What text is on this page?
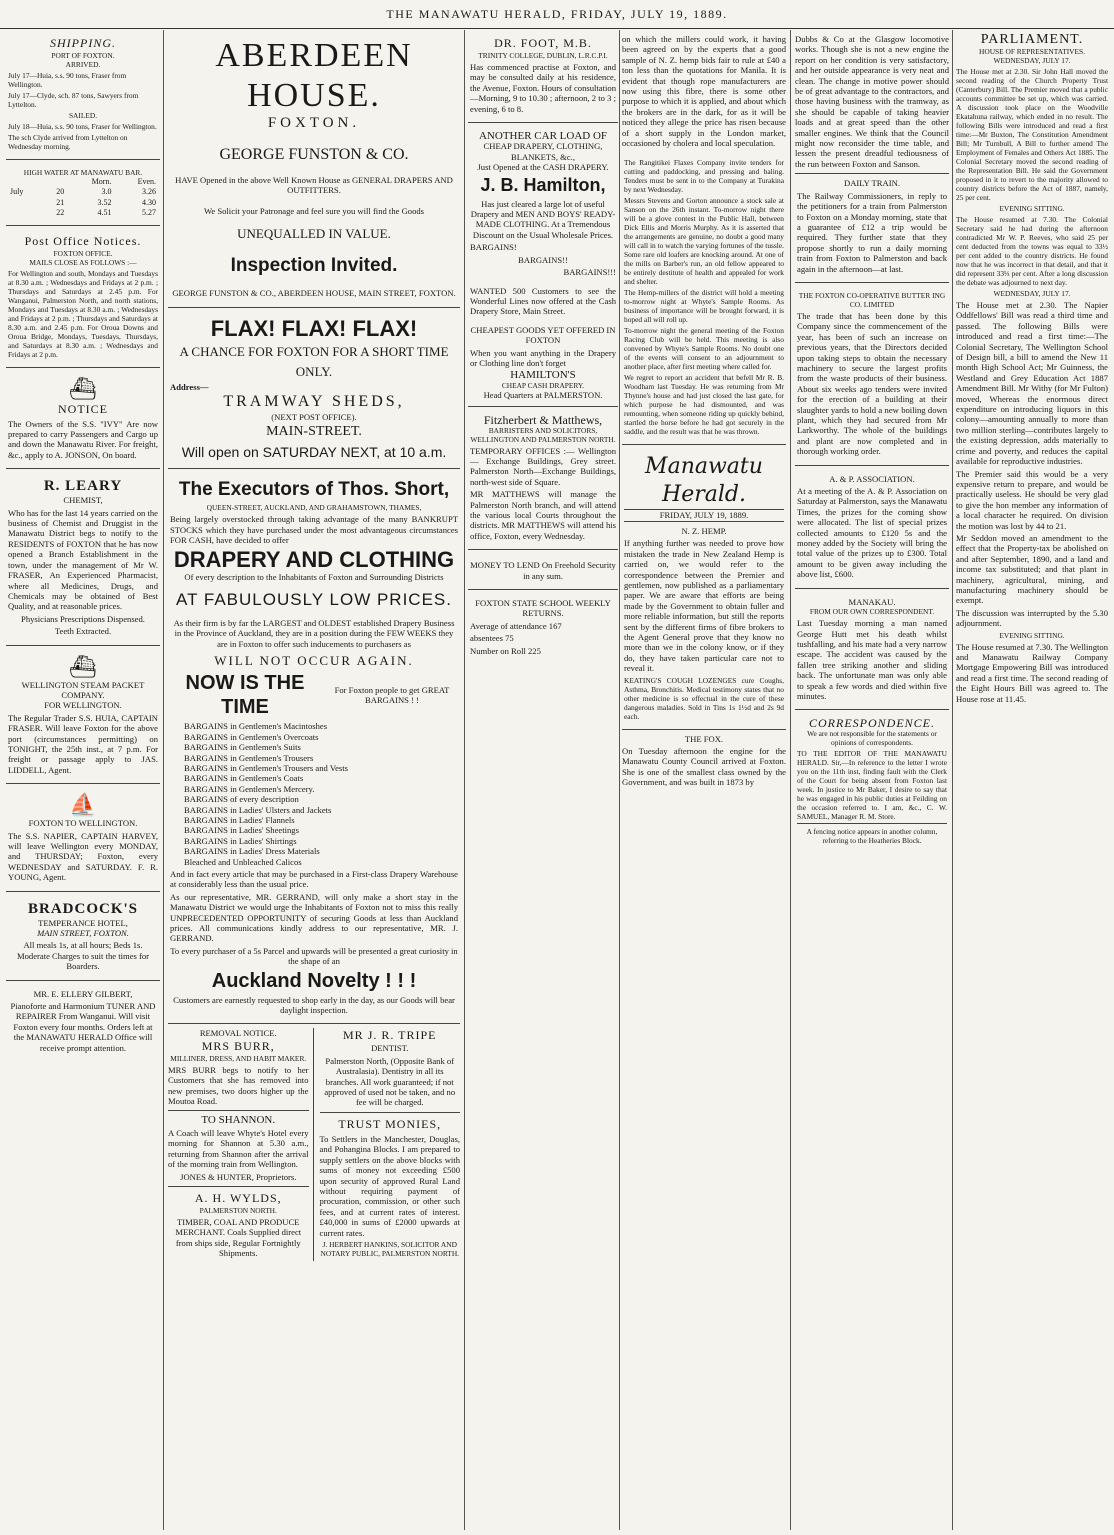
THE MANAWATU HERALD, FRIDAY, JULY 19, 1889.
SHIPPING.
PORT OF FOXTON.
ARRIVED.

July 17—Huia, s.s. 90 tons, Fraser from Wellington.

July 17—Clyde, sch. 87 tons, Sawyers from Lyttelton.

SAILED.

July 18—Huia, s.s. 90 tons, Fraser for Wellington.

The sch Clyde arrived from Lyttelton on Wednesday morning.

HIGH WATER AT MANAWATU BAR.
		Morn.	Even.
July	20	3.0	3.26
	21	3.52	4.30
	22	4.51	5.27
Post Office Notices.
FOXTON OFFICE.
MAILS CLOSE AS FOLLOWS :—

For Wellington and south, Mondays and Tuesdays at 8.30 a.m. ; Wednesdays and Fridays at 2 p.m. ; Thursdays and Saturdays at 2.45 p.m. For Wanganui, Palmerston North, and north stations, Mondays and Tuesdays at 8.30 a.m. ; Wednesdays and Fridays at 2 p.m. ; Thursdays and Saturdays at 8.30 a.m. and 2.45 p.m. For Oroua Downs and Oroua Bridge, Mondays, Tuesdays, Thursdays, and Saturdays at 8.30 a.m. ; Wednesdays and Fridays at 2 p.m.

⛴
NOTICE

The Owners of the S.S. "IVY" Are now prepared to carry Passengers and Cargo up and down the Manawatu River. For freight, &c., apply to A. JONSON, On board.

R. LEARY
CHEMIST,

Who has for the last 14 years carried on the business of Chemist and Druggist in the Manawatu District begs to notify to the RESIDENTS of FOXTON that he has now opened a Branch Establishment in the town, under the management of Mr W. FRASER, An Experienced Pharmacist, where all Medicines, Drugs, and Chemicals may be obtained of Best Quality, and at reasonable prices.

Physicians Prescriptions Dispensed.

Teeth Extracted.

⛴
WELLINGTON STEAM PACKET COMPANY.
FOR WELLINGTON.

The Regular Trader S.S. HUIA, CAPTAIN FRASER. Will leave Foxton for the above port (circumstances permitting) on TONIGHT, the 25th inst., at 7 p.m. For freight or passage apply to JAS. LIDDELL, Agent.

⛵
FOXTON TO WELLINGTON.

The S.S. NAPIER, CAPTAIN HARVEY, will leave Wellington every MONDAY, and THURSDAY; Foxton, every WEDNESDAY and SATURDAY. F. R. YOUNG, Agent.

BRADCOCK'S
TEMPERANCE HOTEL,
MAIN STREET, FOXTON.

All meals 1s, at all hours; Beds 1s. Moderate Charges to suit the times for Boarders.

MR. E. ELLERY GILBERT,

Pianoforte and Harmonium TUNER AND REPAIRER From Wanganui. Will visit Foxton every four months. Orders left at the MANAWATU HERALD Office will receive prompt attention.

ABERDEEN HOUSE.
FOXTON.
GEORGE FUNSTON & CO.

HAVE Opened in the above Well Known House as GENERAL DRAPERS AND OUTFITTERS.

We Solicit your Patronage and feel sure you will find the Goods

UNEQUALLED IN VALUE.
Inspection Invited.

GEORGE FUNSTON & CO., ABERDEEN HOUSE, MAIN STREET, FOXTON.

FLAX! FLAX! FLAX!
A CHANCE FOR FOXTON FOR A SHORT TIME ONLY.
Address—
TRAMWAY SHEDS,
(NEXT POST OFFICE).
MAIN-STREET.
Will open on SATURDAY NEXT, at 10 a.m.
The Executors of Thos. Short,
QUEEN-STREET, AUCKLAND, AND GRAHAMSTOWN, THAMES,

Being largely overstocked through taking advantage of the many BANKRUPT STOCKS which they have purchased under the most advantageous circumstances FOR CASH, have decided to offer

DRAPERY AND CLOTHING
Of every description to the Inhabitants of Foxton and Surrounding Districts
AT FABULOUSLY LOW PRICES.

As their firm is by far the LARGEST and OLDEST established Drapery Business in the Province of Auckland, they are in a position during the FEW WEEKS they are in Foxton to offer such inducements to purchasers as

WILL NOT OCCUR AGAIN.
NOW IS THE TIME
For Foxton people to get GREAT BARGAINS ! !
BARGAINS in Gentlemen's Macintoshes
BARGAINS in Gentlemen's Overcoats
BARGAINS in Gentlemen's Suits
BARGAINS in Gentlemen's Trousers
BARGAINS in Gentlemen's Trousers and Vests
BARGAINS in Gentlemen's Coats
BARGAINS in Gentlemen's Mercery.
BARGAINS of every description
BARGAINS in Ladies' Ulsters and Jackets
BARGAINS in Ladies' Flannels
BARGAINS in Ladies' Sheetings
BARGAINS in Ladies' Shirtings
BARGAINS in Ladies' Dress Materials
Bleached and Unbleached Calicos

And in fact every article that may be purchased in a First-class Drapery Warehouse at considerably less than the usual price.

As our representative, MR. GERRAND, will only make a short stay in the Manawatu District we would urge the Inhabitants of Foxton not to miss this really UNPRECEDENTED OPPORTUNITY of securing Goods at less than Auckland prices. All communications kindly address to our representative, MR. J. GERRAND.

To every purchaser of a 5s Parcel and upwards will be presented a great curiosity in the shape of an

Auckland Novelty ! ! !

Customers are earnestly requested to shop early in the day, as our Goods will bear daylight inspection.

REMOVAL NOTICE.
MRS BURR,
MILLINER, DRESS, AND HABIT MAKER.

MRS BURR begs to notify to her Customers that she has removed into new premises, two doors higher up the Moutoa Road.

TO SHANNON.

A Coach will leave Whyte's Hotel every morning for Shannon at 5.30 a.m., returning from Shannon after the arrival of the morning train from Wellington.

JONES & HUNTER, Proprietors.

A. H. WYLDS,
PALMERSTON NORTH.

TIMBER, COAL AND PRODUCE MERCHANT. Coals Supplied direct from ships side, Regular Fortnightly Shipments.

MR J. R. TRIPE
DENTIST.

Palmerston North, (Opposite Bank of Australasia). Dentistry in all its branches. All work guaranteed; if not approved of used not be taken, and no fee will be charged.

TRUST MONIES,

To Settlers in the Manchester, Douglas, and Pohangina Blocks. I am prepared to supply settlers on the above blocks with sums of money not exceeding £500 upon security of approved Rural Land without requiring payment of procuration, commission, or other such fees, and at current rates of interest. £40,000 in sums of £2000 upwards at current rates.

J. HERBERT HANKINS, SOLICITOR AND NOTARY PUBLIC, PALMERSTON NORTH.

DR. FOOT, M.B.
TRINITY COLLEGE, DUBLIN, L.R.C.P.I.

Has commenced practise at Foxton, and may be consulted daily at his residence, the Avenue, Foxton. Hours of consultation—Morning, 9 to 10.30 ; afternoon, 2 to 3 ; evening, 6 to 8.

ANOTHER CAR LOAD OF
CHEAP DRAPERY, CLOTHING, BLANKETS, &c.,
Just Opened at the CASH DRAPERY.
J. B. Hamilton,

Has just cleared a large lot of useful Drapery and MEN AND BOYS' READY-MADE CLOTHING. At a Tremendous Discount on the Usual Wholesale Prices.

BARGAINS!

BARGAINS!!

BARGAINS!!!

WANTED 500 Customers to see the Wonderful Lines now offered at the Cash Drapery Store, Main Street.

CHEAPEST GOODS YET OFFERED IN FOXTON

When you want anything in the Drapery or Clothing line don't forget

HAMILTON'S
CHEAP CASH DRAPERY.
Head Quarters at PALMERSTON.
Fitzherbert & Matthews,
BARRISTERS AND SOLICITORS, WELLINGTON AND PALMERSTON NORTH.

TEMPORARY OFFICES :— Wellington — Exchange Buildings, Grey street. Palmerston North—Exchange Buildings, north-west side of Square.

MR MATTHEWS will manage the Palmerston North branch, and will attend the various local Courts throughout the districts. MR MATTHEWS will attend his office, Foxton, every Wednesday.

MONEY TO LEND On Freehold Security in any sum.

FOXTON STATE SCHOOL WEEKLY RETURNS.

Average of attendance 167

absentees 75

Number on Roll 225

on which the millers could work, it having been agreed on by the experts that a good sample of N. Z. hemp bids fair to rule at £40 a ton less than the quotations for Manila. It is evident that though rope manufacturers are now using this fibre, there is some other purpose to which it is applied, and about which the brokers are in the dark, for as it will be noticed they allege the price has risen because of a short supply in the London market, occasioned by cholera and local speculation.

The Rangitikei Flaxes Company invite tenders for cutting and paddocking, and pressing and baling. Tenders must be sent in to the Company at Turakina by next Wednesday.

Messrs Stevens and Gorton announce a stock sale at Sanson on the 26th instant. To-morrow night there will be a glove contest in the Public Hall, between Dick Ellis and Morris Murphy. As it is asserted that the arrangements are genuine, no doubt a good many will call in to watch the varying fortunes of the tussle. Some rare old loafers are knocking around. At one of the mills on Barber's run, an old fellow appeared to be entirely destitute of health and appealed for work and shelter.

The Hemp-millers of the district will hold a meeting to-morrow night at Whyte's Sample Rooms. As business of importance will be brought forward, it is hoped all will roll up.

To-morrow night the general meeting of the Foxton Racing Club will be held. This meeting is also convened by Whyte's Sample Rooms. No doubt one of the events will consent to an adjournment to another place, after first meeting where called for.

We regret to report an accident that befell Mr R. B. Woodham last Tuesday. He was returning from Mr Thynne's house and had just closed the last gate, for which purpose he had dismounted, and was remounting, when someone riding up quickly behind, startled the horse before he had got securely in the saddle, and the result was that he was thrown.

Manawatu Herald.
FRIDAY, JULY 19, 1889.
N. Z. HEMP.

If anything further was needed to prove how mistaken the trade in New Zealand Hemp is carried on, we would refer to the correspondence between the Premier and gentlemen, now published as a parliamentary paper. We are aware that efforts are being made by the Government to obtain fuller and more reliable information, but still the reports sent by the different firms of fibre brokers to the Agent General prove that they know no more than we in the colony know, or if they do, they have taken particular care not to reveal it.

KEATING'S COUGH LOZENGES cure Coughs, Asthma, Bronchitis. Medical testimony states that no other medicine is so effectual in the cure of these dangerous maladies. Sold in Tins 1s 1½d and 2s 9d each.

THE FOX.

On Tuesday afternoon the engine for the Manawatu County Council arrived at Foxton. She is one of the smallest class owned by the Government, and was built in 1873 by

Dubbs & Co at the Glasgow locomotive works. Though she is not a new engine the report on her condition is very satisfactory, and her outside appearance is very neat and clean. The change in motive power should be of great advantage to the contractors, and those having business with the tramway, as she should be capable of taking heavier loads and at great speed than the other smaller engines. We think that the Council might now reconsider the time table, and lessen the present dreadful tediousness of the run between Foxton and Sanson.

DAILY TRAIN.

The Railway Commissioners, in reply to the petitioners for a train from Palmerston to Foxton on a Monday morning, state that a guarantee of £12 a trip would be required. They further state that they propose shortly to run a daily morning train from Foxton to Palmerston and back again in the afternoon—at last.

THE FOXTON CO-OPERATIVE BUTTER ING CO. LIMITED

The trade that has been done by this Company since the commencement of the year, has been of such an increase on previous years, that the Directors decided upon taking steps to obtain the necessary machinery to secure the largest profits from the waste products of their business. About six weeks ago tenders were invited for the erection of a building at their slaughter yards to hold a new boiling down plant, which they had secured from Mr Larkworthy. The whole of the buildings and plant are now completed and in thorough working order.

A. & P. ASSOCIATION.

At a meeting of the A. & P. Association on Saturday at Palmerston, says the Manawatu Times, the prizes for the coming show were allocated. The list of special prizes collected amounts to £120 5s and the money added by the Society will bring the total value of the prizes up to £300. Total amount to be given away including the above list, £600.

MANAKAU.
FROM OUR OWN CORRESPONDENT.

Last Tuesday morning a man named George Hutt met his death whilst tushfalling, and his mate had a very narrow escape. The accident was caused by the fallen tree striking another and sliding back. The unfortunate man was only able to speak a few words and died within five minutes.

CORRESPONDENCE.
We are not responsible for the statements or opinions of correspondents.

TO THE EDITOR OF THE MANAWATU HERALD. Sir,—In reference to the letter I wrote you on the 11th inst, finding fault with the Clerk of the Court for being absent from Foxton last week. In justice to Mr Baker, I desire to say that he was engaged in his public duties at Feilding on the occasion referred to. I am, &c., C. W. SAMUEL, Manager R. M. Store.

A fencing notice appears in another column, referring to the Heatheries Block.

PARLIAMENT.
HOUSE OF REPRESENTATIVES.
WEDNESDAY, JULY 17.

The House met at 2.30. Sir John Hall moved the second reading of the Church Property Trust (Canterbury) Bill. The Premier moved that a public accounts committee be set up, which was carried. A discussion took place on the Woodville Ekatahuna railway, which ended in no result. The following Bills were introduced and read a first time:—Mr Buxton, The Constitution Amendment Bill; Mr Turnbull, A Bill to further amend The Employment of Females and Others Act 1885. The Colonial Secretary moved the second reading of the Representation Bill. He said the Government proposed in it to revert to the majority allowed to country districts before the Act of 1887, namely, 25 per cent.

EVENING SITTING.

The House resumed at 7.30. The Colonial Secretary said he had during the afternoon contradicted Mr W. P. Reeves, who said 25 per cent deducted from the towns was equal to 33½ per cent added to the country districts. He found now that he was incorrect in that detail, and that it did represent 33⅓ per cent. After a long discussion the debate was adjourned to next day.

WEDNESDAY, JULY 17.

The House met at 2.30. The Napier Oddfellows' Bill was read a third time and passed. The following Bills were introduced and read a first time:—The Colonial Secretary, The Wellington School of Design bill, a bill to amend the New 11 month High School Act; Mr Guinness, the Westland and Grey Education Act 1887 Amendment Bill. Mr Withy (for Mr Fulton) moved, Whereas the enormous direct expenditure on introducing liquors in this colony—amounting annually to more than two million sterling—contributes largely to the existing depression, adds materially to crime and poverty, and reduces the capital available for reproductive industries.

The Premier said this would be a very expensive return to prepare, and would be practically useless. He should be very glad to give the hon member any information of a local character he required. On division the motion was lost by 44 to 21.

Mr Seddon moved an amendment to the effect that the Property-tax be abolished on and after September, 1890, and a land and income tax substituted; and that plant in machinery, agricultural, mining, and manufacturing machinery should be exempt.

The discussion was interrupted by the 5.30 adjournment.

EVENING SITTING.

The House resumed at 7.30. The Wellington and Manawatu Railway Company Mortgage Empowering Bill was introduced and read a first time. The second reading of the Eight Hours Bill was agreed to. The House rose at 11.45.
